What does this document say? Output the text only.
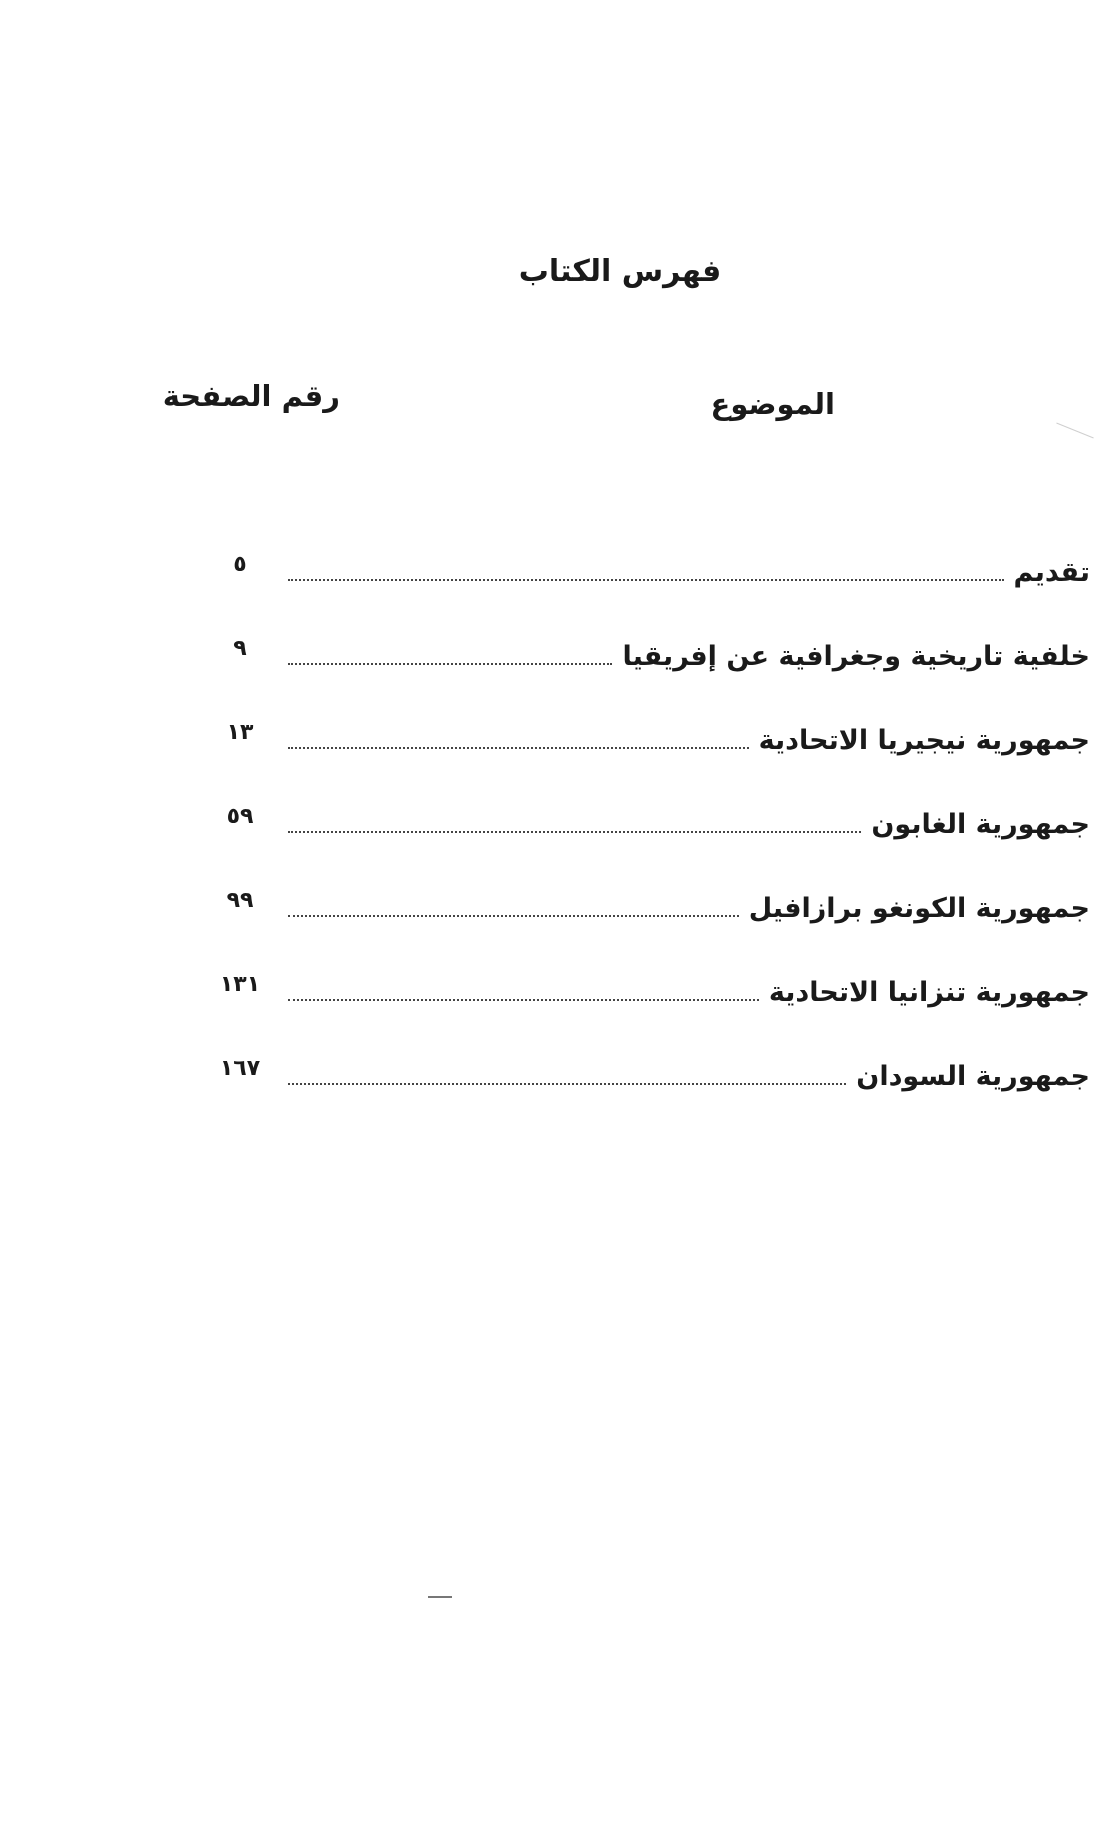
فهرس الكتاب
الموضوع
رقم الصفحة
تقديم
٥
خلفية تاريخية وجغرافية عن إفريقيا
٩
جمهورية نيجيريا الاتحادية
١٣
جمهورية الغابون
٥٩
جمهورية الكونغو برازافيل
٩٩
جمهورية تنزانيا الاتحادية
١٣١
جمهورية السودان
١٦٧
